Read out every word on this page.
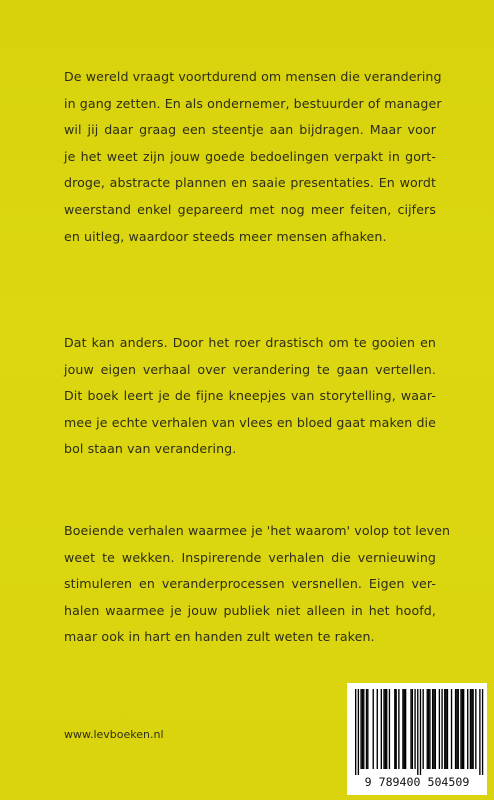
De wereld vraagt voortdurend om mensen die verandering
in gang zetten. En als ondernemer, bestuurder of manager
wil jij daar graag een steentje aan bijdragen. Maar voor
je het weet zijn jouw goede bedoelingen verpakt in gort-
droge, abstracte plannen en saaie presentaties. En wordt
weerstand enkel gepareerd met nog meer feiten, cijfers
en uitleg, waardoor steeds meer mensen afhaken.
Dat kan anders. Door het roer drastisch om te gooien en
jouw eigen verhaal over verandering te gaan vertellen.
Dit boek leert je de fijne kneepjes van storytelling, waar-
mee je echte verhalen van vlees en bloed gaat maken die
bol staan van verandering.
Boeiende verhalen waarmee je 'het waarom' volop tot leven
weet te wekken. Inspirerende verhalen die vernieuwing
stimuleren en veranderprocessen versnellen. Eigen ver-
halen waarmee je jouw publiek niet alleen in het hoofd,
maar ook in hart en handen zult weten te raken.
www.levboeken.nl
9 789400 504509
